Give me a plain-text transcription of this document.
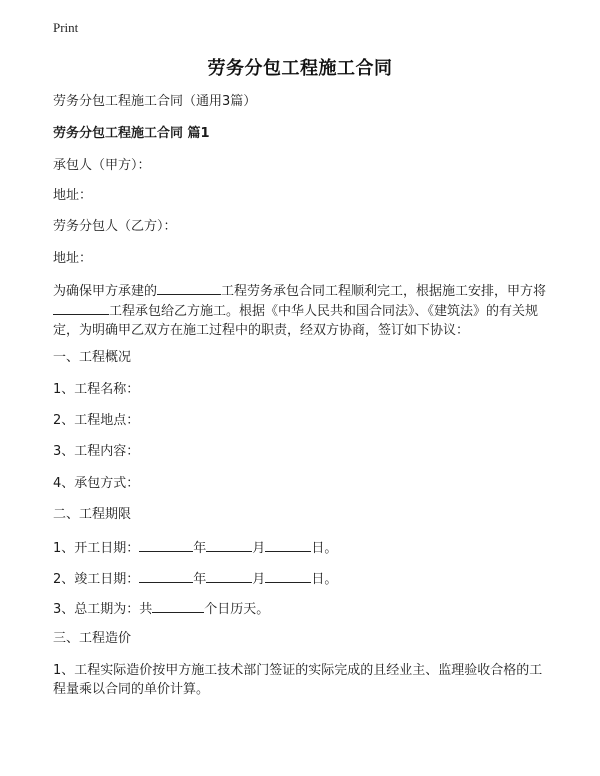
Print
劳务分包工程施工合同
劳务分包工程施工合同（通用3篇）
劳务分包工程施工合同 篇1
承包人（甲方）：
地址：
劳务分包人（乙方）：
地址：
为确保甲方承建的	工程劳务承包合同工程顺利完工，根据施工安排，甲方将工程承包给乙方施工。根据《中华人民共和国合同法》、《建筑法》的有关规定，为明确甲乙双方在施工过程中的职责，经双方协商，签订如下协议：
一、工程概况
1、工程名称：
2、工程地点：
3、工程内容：
4、承包方式：
二、工程期限
1、开工日期：	年	月	日。
2、竣工日期：	年	月	日。
3、总工期为：共	个日历天。
三、工程造价
1、工程实际造价按甲方施工技术部门签证的实际完成的且经业主、监理验收合格的工程量乘以合同的单价计算。
